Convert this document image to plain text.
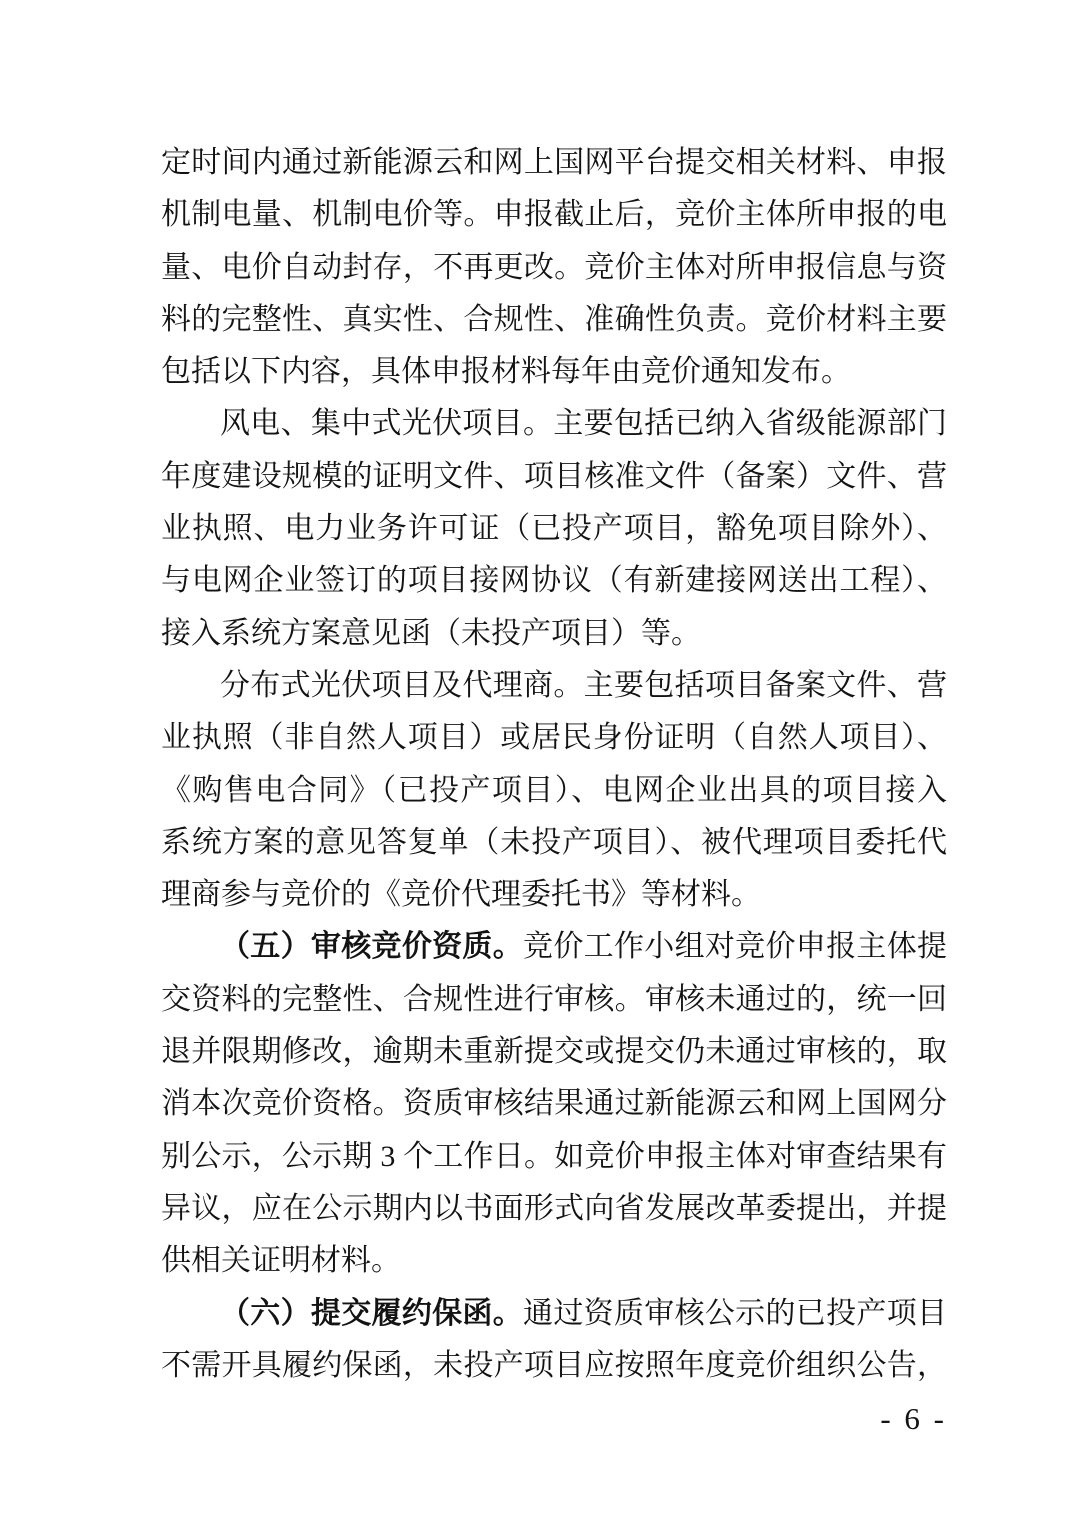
定时间内通过新能源云和网上国网平台提交相关材料、申报
机制电量、机制电价等。申报截止后，竞价主体所申报的电
量、电价自动封存，不再更改。竞价主体对所申报信息与资
料的完整性、真实性、合规性、准确性负责。竞价材料主要
包括以下内容，具体申报材料每年由竞价通知发布。
风电、集中式光伏项目。主要包括已纳入省级能源部门
年度建设规模的证明文件、项目核准文件（备案）文件、营
业执照、电力业务许可证（已投产项目，豁免项目除外）、
与电网企业签订的项目接网协议（有新建接网送出工程）、
接入系统方案意见函（未投产项目）等。
分布式光伏项目及代理商。主要包括项目备案文件、营
业执照（非自然人项目）或居民身份证明（自然人项目）、
《购售电合同》（已投产项目）、电网企业出具的项目接入
系统方案的意见答复单（未投产项目）、被代理项目委托代
理商参与竞价的《竞价代理委托书》等材料。
（五）审核竞价资质。竞价工作小组对竞价申报主体提
交资料的完整性、合规性进行审核。审核未通过的，统一回
退并限期修改，逾期未重新提交或提交仍未通过审核的，取
消本次竞价资格。资质审核结果通过新能源云和网上国网分
别公示，公示期 3 个工作日。如竞价申报主体对审查结果有
异议，应在公示期内以书面形式向省发展改革委提出，并提
供相关证明材料。
（六）提交履约保函。通过资质审核公示的已投产项目
不需开具履约保函，未投产项目应按照年度竞价组织公告，
- 6 -
